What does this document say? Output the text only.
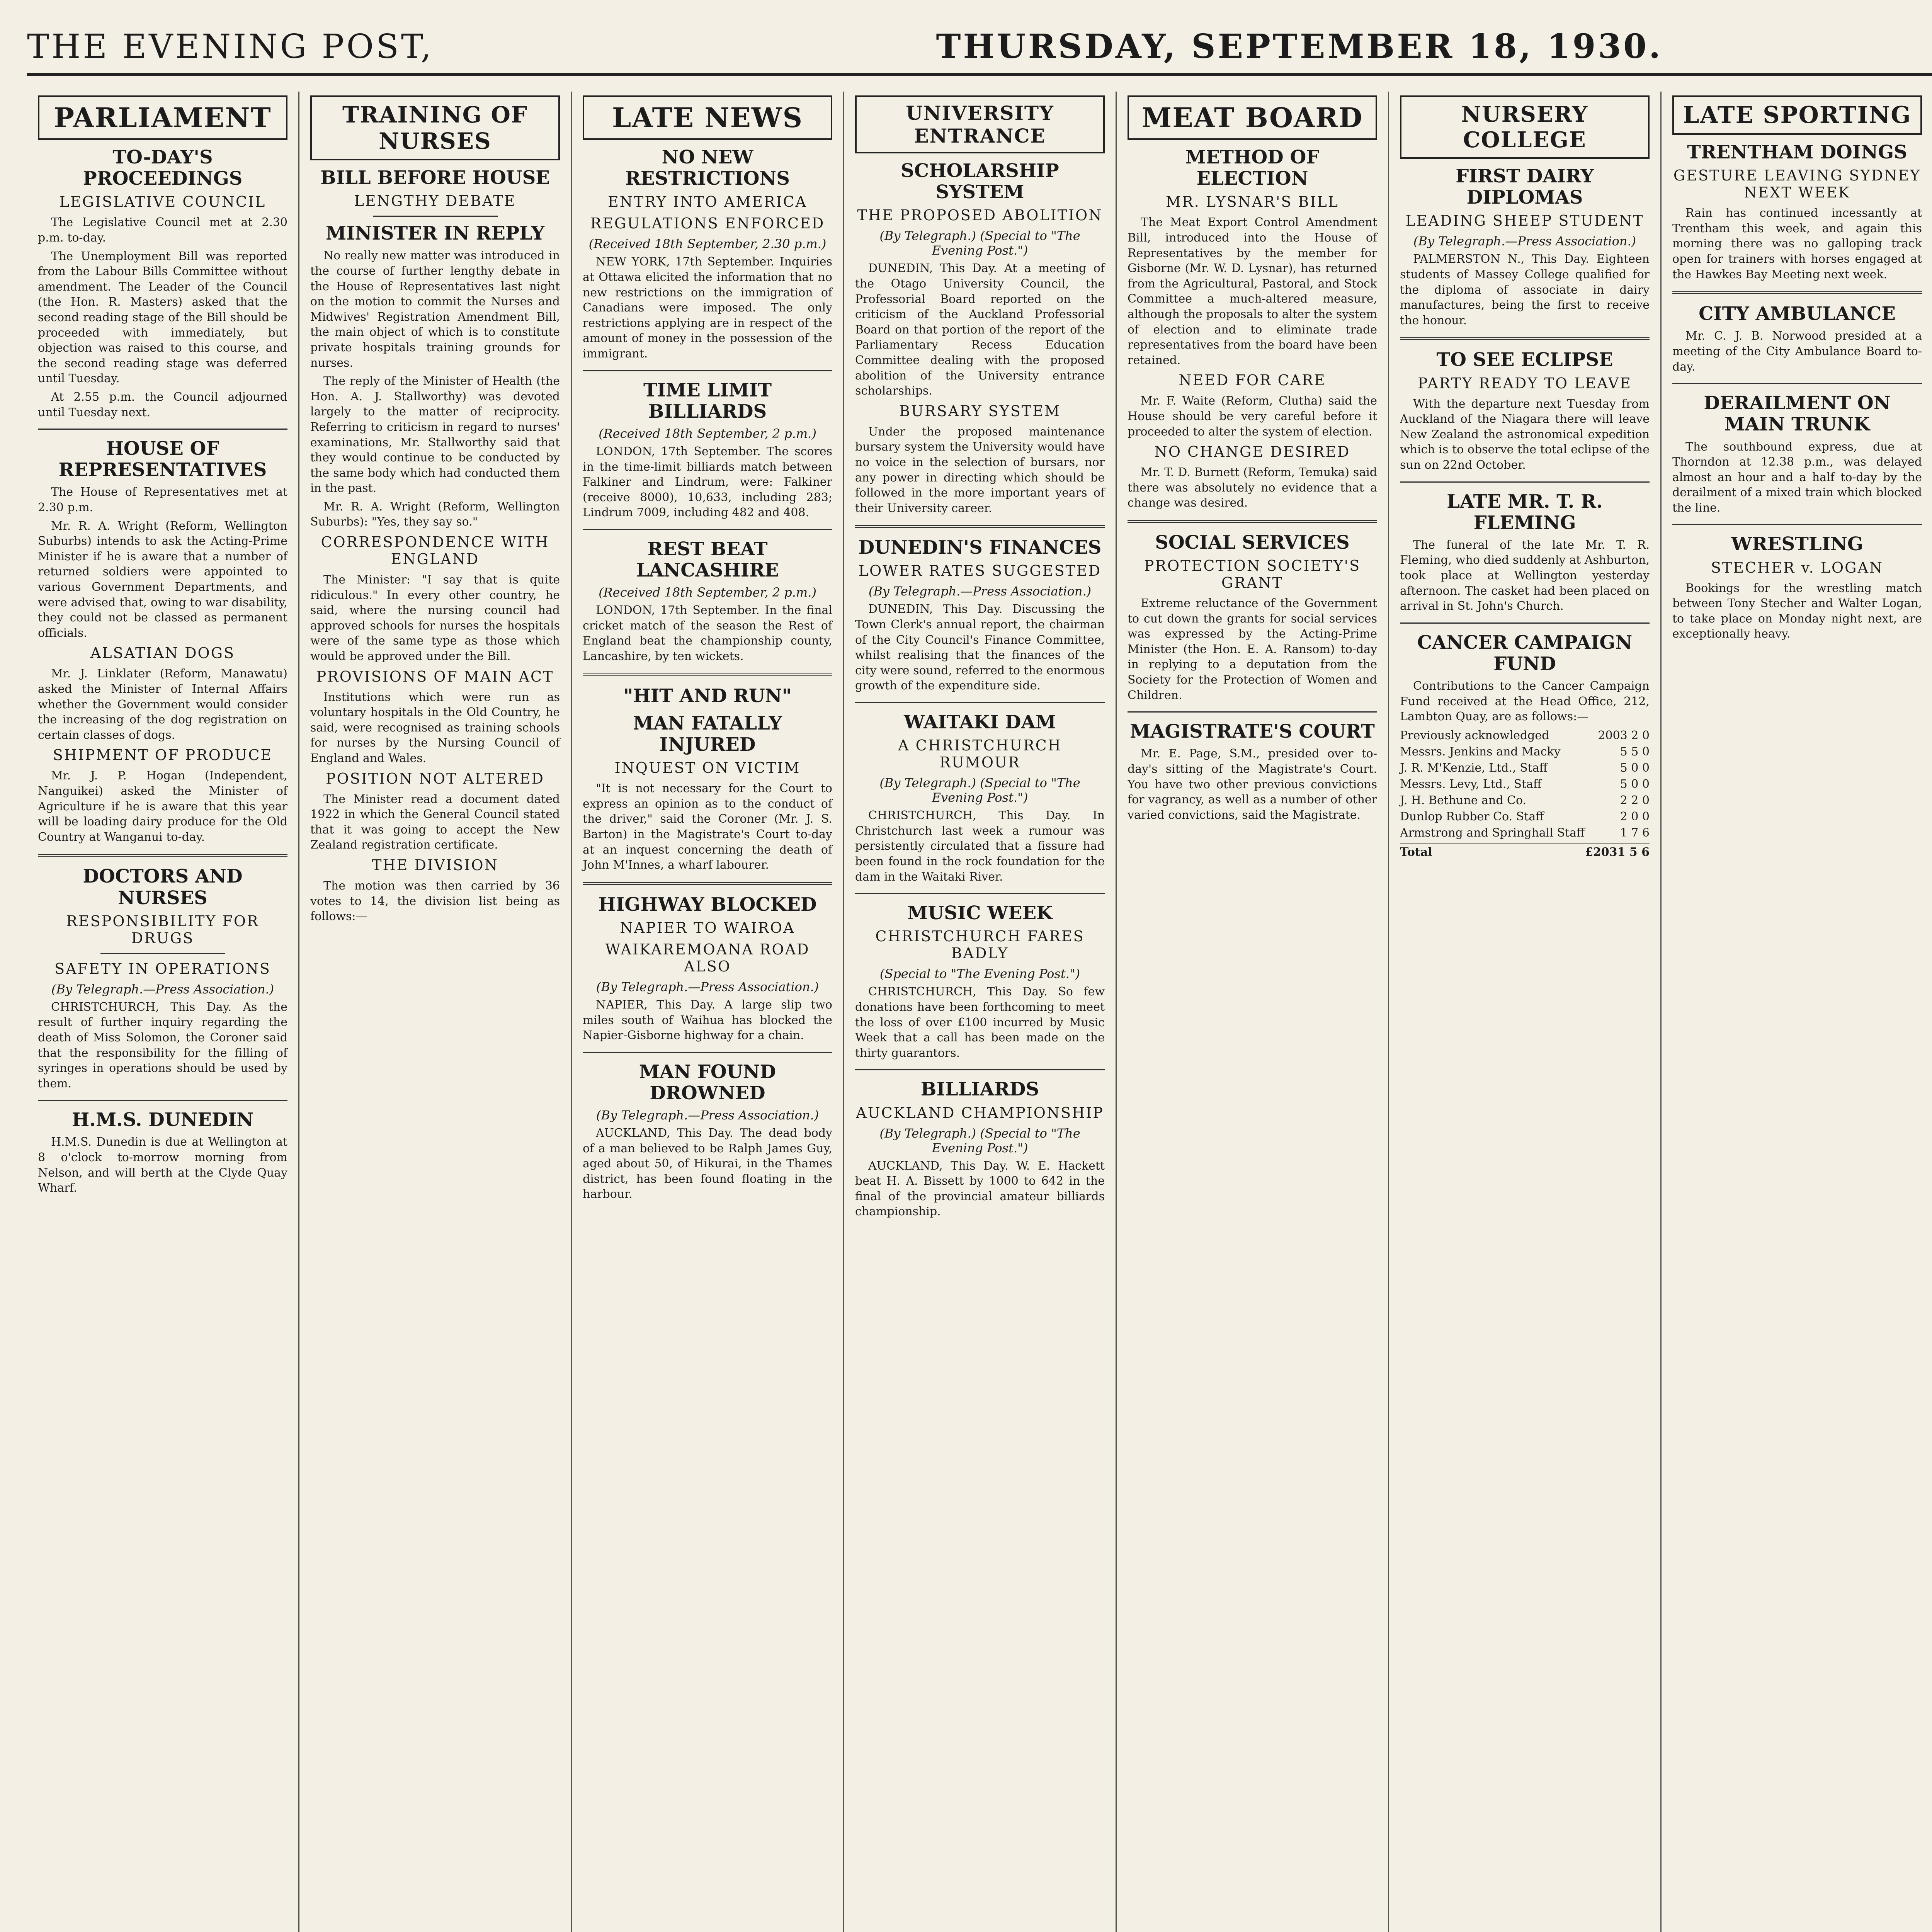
THE EVENING POST,	THURSDAY, SEPTEMBER 18, 1930.
PARLIAMENT
TO-DAY'S PROCEEDINGS
LEGISLATIVE COUNCIL

The Legislative Council met at 2.30 p.m. to-day.

The Unemployment Bill was reported from the Labour Bills Committee without amendment. The Leader of the Council (the Hon. R. Masters) asked that the second reading stage of the Bill should be proceeded with immediately, but objection was raised to this course, and the second reading stage was deferred until Tuesday.

At 2.55 p.m. the Council adjourned until Tuesday next.

HOUSE OF REPRESENTATIVES

The House of Representatives met at 2.30 p.m.

Mr. R. A. Wright (Reform, Wellington Suburbs) intends to ask the Acting-Prime Minister if he is aware that a number of returned soldiers were appointed to various Government Departments, and were advised that, owing to war disability, they could not be classed as permanent officials.

ALSATIAN DOGS

Mr. J. Linklater (Reform, Manawatu) asked the Minister of Internal Affairs whether the Government would consider the increasing of the dog registration on certain classes of dogs.

SHIPMENT OF PRODUCE

Mr. J. P. Hogan (Independent, Nanguikei) asked the Minister of Agriculture if he is aware that this year will be loading dairy produce for the Old Country at Wanganui to-day.

DOCTORS AND NURSES
RESPONSIBILITY FOR DRUGS
SAFETY IN OPERATIONS
(By Telegraph.—Press Association.)

CHRISTCHURCH, This Day. As the result of further inquiry regarding the death of Miss Solomon, the Coroner said that the responsibility for the filling of syringes in operations should be used by them.

H.M.S. DUNEDIN

H.M.S. Dunedin is due at Wellington at 8 o'clock to-morrow morning from Nelson, and will berth at the Clyde Quay Wharf.

TRAINING OF NURSES
BILL BEFORE HOUSE
LENGTHY DEBATE
MINISTER IN REPLY

No really new matter was introduced in the course of further lengthy debate in the House of Representatives last night on the motion to commit the Nurses and Midwives' Registration Amendment Bill, the main object of which is to constitute private hospitals training grounds for nurses.

The reply of the Minister of Health (the Hon. A. J. Stallworthy) was devoted largely to the matter of reciprocity. Referring to criticism in regard to nurses' examinations, Mr. Stallworthy said that they would continue to be conducted by the same body which had conducted them in the past.

Mr. R. A. Wright (Reform, Wellington Suburbs): "Yes, they say so."

CORRESPONDENCE WITH ENGLAND

The Minister: "I say that is quite ridiculous." In every other country, he said, where the nursing council had approved schools for nurses the hospitals were of the same type as those which would be approved under the Bill.

PROVISIONS OF MAIN ACT

Institutions which were run as voluntary hospitals in the Old Country, he said, were recognised as training schools for nurses by the Nursing Council of England and Wales.

POSITION NOT ALTERED

The Minister read a document dated 1922 in which the General Council stated that it was going to accept the New Zealand registration certificate.

THE DIVISION

The motion was then carried by 36 votes to 14, the division list being as follows:—

LATE NEWS
NO NEW RESTRICTIONS
ENTRY INTO AMERICA
REGULATIONS ENFORCED
(Received 18th September, 2.30 p.m.)

NEW YORK, 17th September. Inquiries at Ottawa elicited the information that no new restrictions on the immigration of Canadians were imposed. The only restrictions applying are in respect of the amount of money in the possession of the immigrant.

TIME LIMIT BILLIARDS
(Received 18th September, 2 p.m.)

LONDON, 17th September. The scores in the time-limit billiards match between Falkiner and Lindrum, were: Falkiner (receive 8000), 10,633, including 283; Lindrum 7009, including 482 and 408.

REST BEAT LANCASHIRE
(Received 18th September, 2 p.m.)

LONDON, 17th September. In the final cricket match of the season the Rest of England beat the championship county, Lancashire, by ten wickets.

"HIT AND RUN"
MAN FATALLY INJURED
INQUEST ON VICTIM

"It is not necessary for the Court to express an opinion as to the conduct of the driver," said the Coroner (Mr. J. S. Barton) in the Magistrate's Court to-day at an inquest concerning the death of John M'Innes, a wharf labourer.

HIGHWAY BLOCKED
NAPIER TO WAIROA
WAIKAREMOANA ROAD ALSO
(By Telegraph.—Press Association.)

NAPIER, This Day. A large slip two miles south of Waihua has blocked the Napier-Gisborne highway for a chain.

MAN FOUND DROWNED
(By Telegraph.—Press Association.)

AUCKLAND, This Day. The dead body of a man believed to be Ralph James Guy, aged about 50, of Hikurai, in the Thames district, has been found floating in the harbour.

UNIVERSITY ENTRANCE
SCHOLARSHIP SYSTEM
THE PROPOSED ABOLITION
(By Telegraph.) (Special to "The Evening Post.")

DUNEDIN, This Day. At a meeting of the Otago University Council, the Professorial Board reported on the criticism of the Auckland Professorial Board on that portion of the report of the Parliamentary Recess Education Committee dealing with the proposed abolition of the University entrance scholarships.

BURSARY SYSTEM

Under the proposed maintenance bursary system the University would have no voice in the selection of bursars, nor any power in directing which should be followed in the more important years of their University career.

DUNEDIN'S FINANCES
LOWER RATES SUGGESTED
(By Telegraph.—Press Association.)

DUNEDIN, This Day. Discussing the Town Clerk's annual report, the chairman of the City Council's Finance Committee, whilst realising that the finances of the city were sound, referred to the enormous growth of the expenditure side.

WAITAKI DAM
A CHRISTCHURCH RUMOUR
(By Telegraph.) (Special to "The Evening Post.")

CHRISTCHURCH, This Day. In Christchurch last week a rumour was persistently circulated that a fissure had been found in the rock foundation for the dam in the Waitaki River.

MUSIC WEEK
CHRISTCHURCH FARES BADLY
(Special to "The Evening Post.")

CHRISTCHURCH, This Day. So few donations have been forthcoming to meet the loss of over £100 incurred by Music Week that a call has been made on the thirty guarantors.

BILLIARDS
AUCKLAND CHAMPIONSHIP
(By Telegraph.) (Special to "The Evening Post.")

AUCKLAND, This Day. W. E. Hackett beat H. A. Bissett by 1000 to 642 in the final of the provincial amateur billiards championship.

MEAT BOARD
METHOD OF ELECTION
MR. LYSNAR'S BILL

The Meat Export Control Amendment Bill, introduced into the House of Representatives by the member for Gisborne (Mr. W. D. Lysnar), has returned from the Agricultural, Pastoral, and Stock Committee a much-altered measure, although the proposals to alter the system of election and to eliminate trade representatives from the board have been retained.

NEED FOR CARE

Mr. F. Waite (Reform, Clutha) said the House should be very careful before it proceeded to alter the system of election.

NO CHANGE DESIRED

Mr. T. D. Burnett (Reform, Temuka) said there was absolutely no evidence that a change was desired.

SOCIAL SERVICES
PROTECTION SOCIETY'S GRANT

Extreme reluctance of the Government to cut down the grants for social services was expressed by the Acting-Prime Minister (the Hon. E. A. Ransom) to-day in replying to a deputation from the Society for the Protection of Women and Children.

MAGISTRATE'S COURT

Mr. E. Page, S.M., presided over to-day's sitting of the Magistrate's Court. You have two other previous convictions for vagrancy, as well as a number of other varied convictions, said the Magistrate.

NURSERY COLLEGE
FIRST DAIRY DIPLOMAS
LEADING SHEEP STUDENT
(By Telegraph.—Press Association.)

PALMERSTON N., This Day. Eighteen students of Massey College qualified for the diploma of associate in dairy manufactures, being the first to receive the honour.

TO SEE ECLIPSE
PARTY READY TO LEAVE

With the departure next Tuesday from Auckland of the Niagara there will leave New Zealand the astronomical expedition which is to observe the total eclipse of the sun on 22nd October.

LATE MR. T. R. FLEMING

The funeral of the late Mr. T. R. Fleming, who died suddenly at Ashburton, took place at Wellington yesterday afternoon. The casket had been placed on arrival in St. John's Church.

CANCER CAMPAIGN FUND

Contributions to the Cancer Campaign Fund received at the Head Office, 212, Lambton Quay, are as follows:—

Previously acknowledged	2003 2 0
Messrs. Jenkins and Macky	5 5 0
J. R. M'Kenzie, Ltd., Staff	5 0 0
Messrs. Levy, Ltd., Staff	5 0 0
J. H. Bethune and Co.	2 2 0
Dunlop Rubber Co. Staff	2 0 0
Armstrong and Springhall Staff	1 7 6
Total	£2031 5 6
LATE SPORTING
TRENTHAM DOINGS
GESTURE LEAVING SYDNEY NEXT WEEK

Rain has continued incessantly at Trentham this week, and again this morning there was no galloping track open for trainers with horses engaged at the Hawkes Bay Meeting next week.

CITY AMBULANCE

Mr. C. J. B. Norwood presided at a meeting of the City Ambulance Board to-day.

DERAILMENT ON MAIN TRUNK

The southbound express, due at Thorndon at 12.38 p.m., was delayed almost an hour and a half to-day by the derailment of a mixed train which blocked the line.

WRESTLING
STECHER v. LOGAN

Bookings for the wrestling match between Tony Stecher and Walter Logan, to take place on Monday night next, are exceptionally heavy.
